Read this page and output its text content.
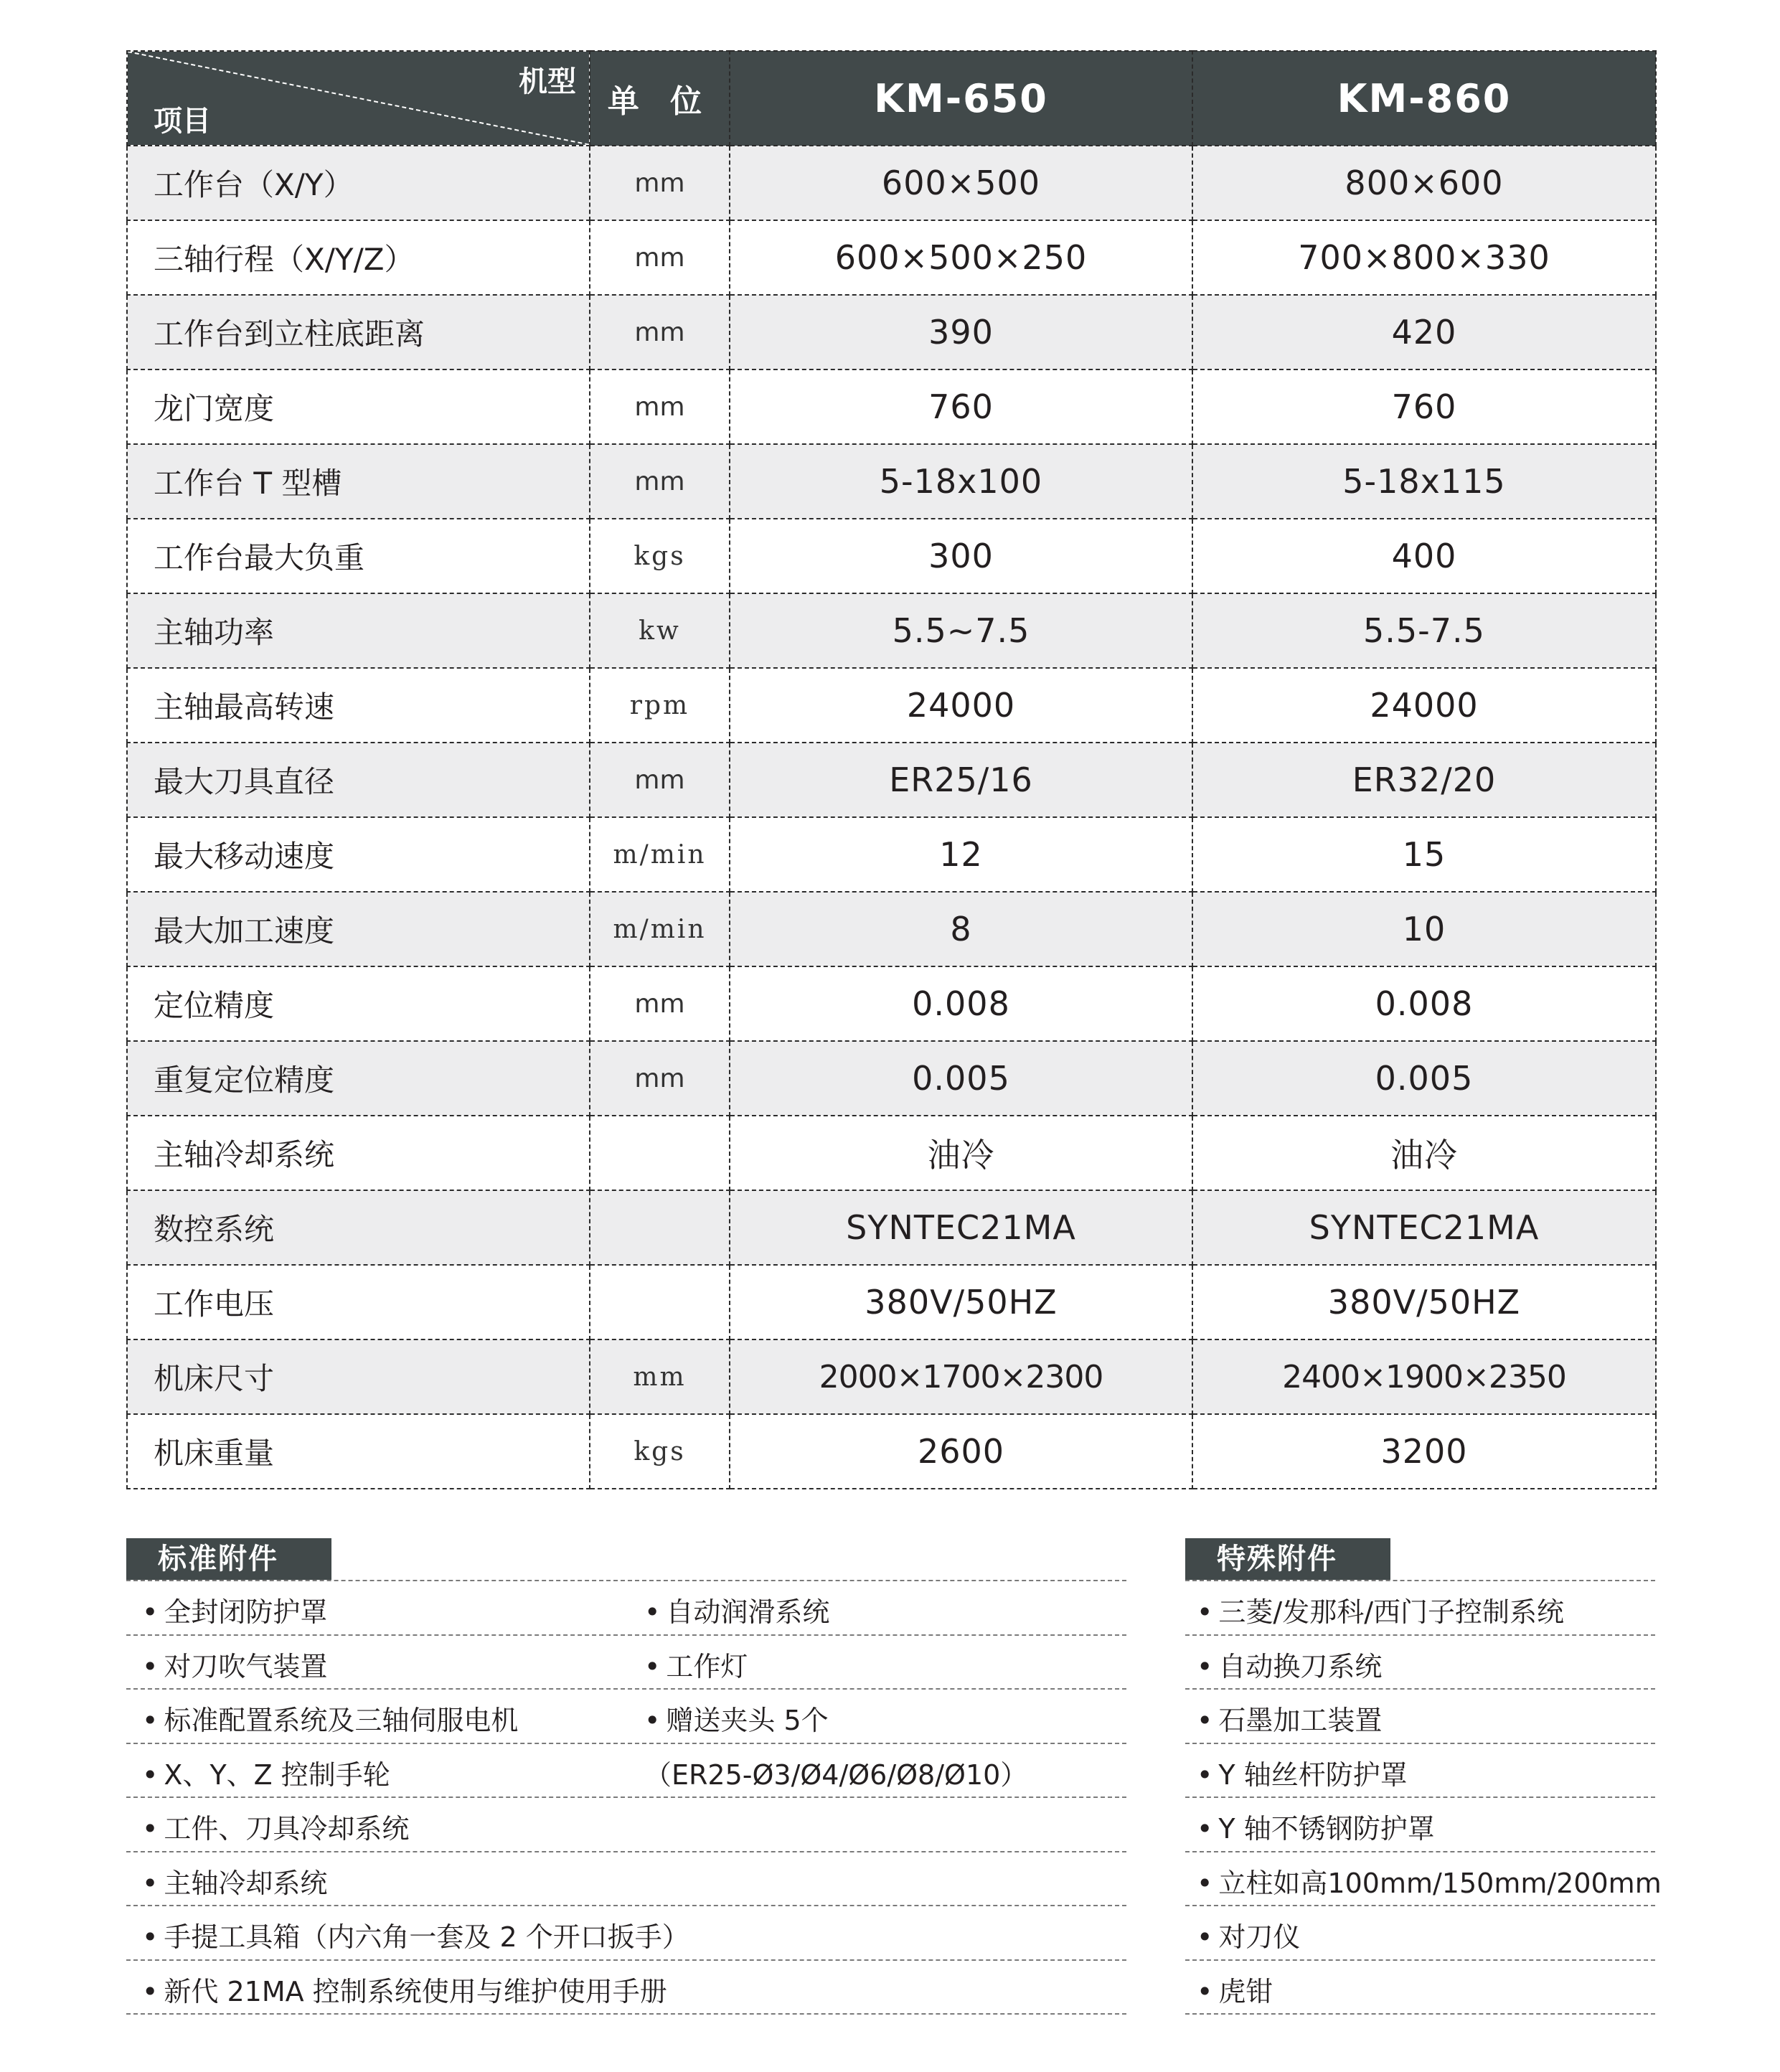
机型
项目	单 位	KM-650	KM-860
工作台（X/Y）	mm	600×500	800×600
三轴行程（X/Y/Z）	mm	600×500×250	700×800×330
工作台到立柱底距离	mm	390	420
龙门宽度	mm	760	760
工作台 T 型槽	mm	5-18x100	5-18x115
工作台最大负重	kgs	300	400
主轴功率	kw	5.5~7.5	5.5-7.5
主轴最高转速	rpm	24000	24000
最大刀具直径	mm	ER25/16	ER32/20
最大移动速度	m/min	12	15
最大加工速度	m/min	8	10
定位精度	mm	0.008	0.008
重复定位精度	mm	0.005	0.005
主轴冷却系统		油冷	油冷
数控系统		SYNTEC21MA	SYNTEC21MA
工作电压		380V/50HZ	380V/50HZ
机床尺寸	mm	2000×1700×2300	2400×1900×2350
机床重量	kgs	2600	3200
标准附件
• 全封闭防护罩
• 对刀吹气装置
• 标准配置系统及三轴伺服电机
• X、Y、Z 控制手轮
• 工件、刀具冷却系统
• 主轴冷却系统
• 手提工具箱（内六角一套及 2 个开口扳手）
• 新代 21MA 控制系统使用与维护使用手册
• 自动润滑系统
• 工作灯
• 赠送夹头 5个
（ER25-Ø3/Ø4/Ø6/Ø8/Ø10）
特殊附件
• 三菱/发那科/西门子控制系统
• 自动换刀系统
• 石墨加工装置
• Y 轴丝杆防护罩
• Y 轴不锈钢防护罩
• 立柱如高100mm/150mm/200mm
• 对刀仪
• 虎钳
